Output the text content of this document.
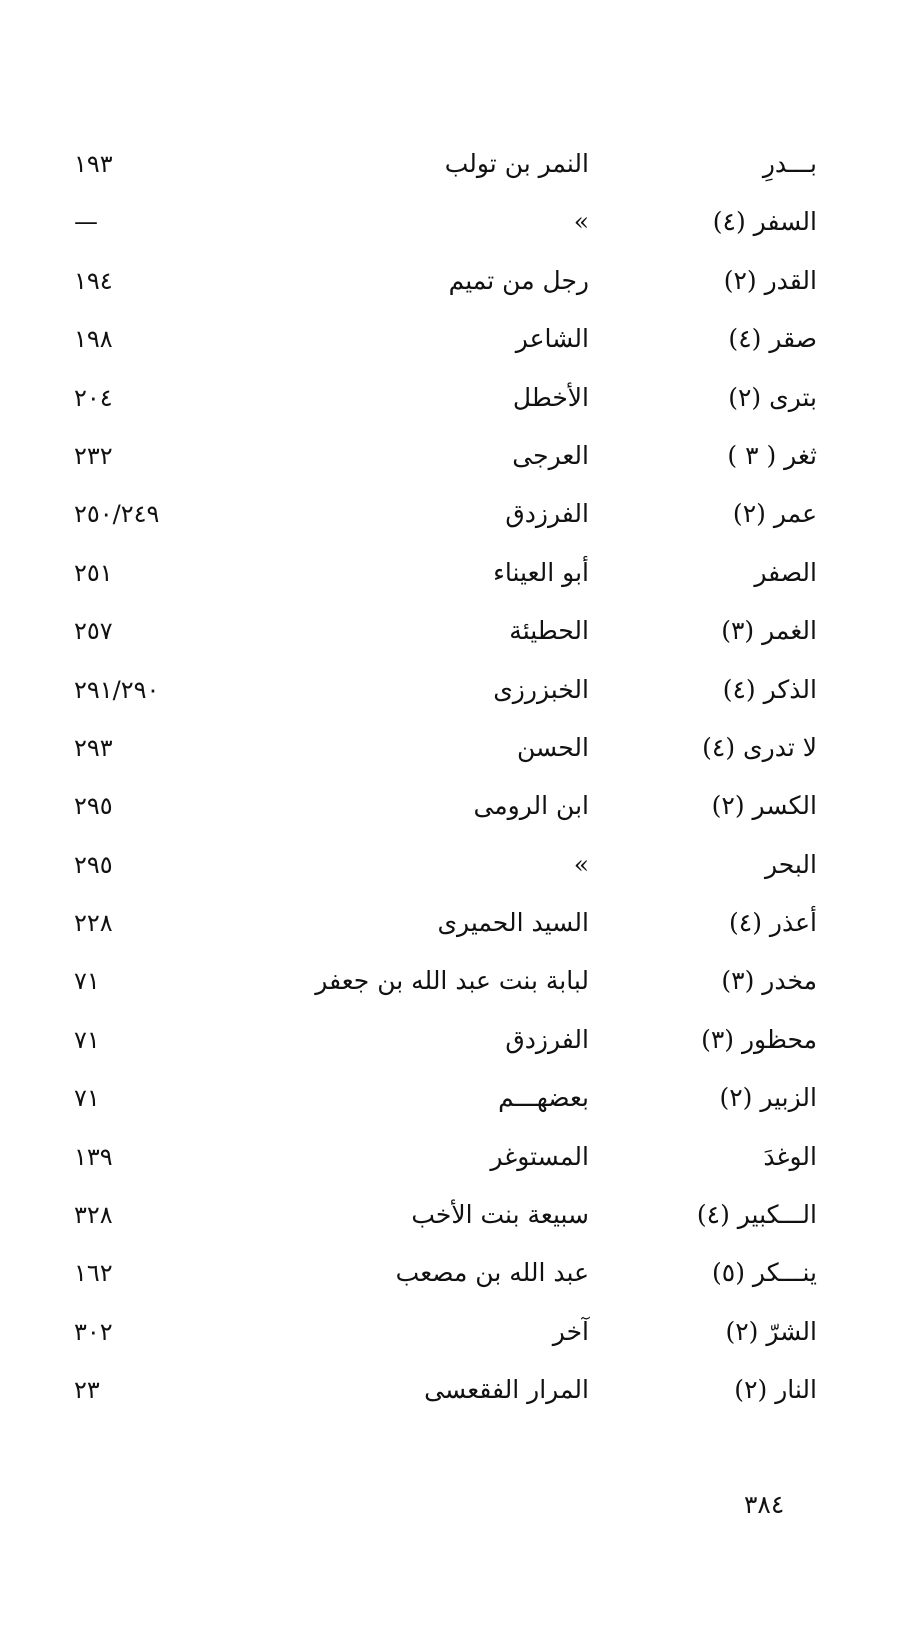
بـــدرِ
النمر بن تولب
١٩٣
السفر (٤)
»
—
القدر (٢)
رجل من تميم
١٩٤
صقر (٤)
الشاعر
١٩٨
بترى (٢)
الأخطل
٢٠٤
ثغر ( ٣ )
العرجى
٢٣٢
عمر (٢)
الفرزدق
٢٥٠/٢٤٩
الصفر
أبو العيناء
٢٥١
الغمر (٣)
الحطيئة
٢٥٧
الذكر (٤)
الخبزرزى
٢٩١/٢٩٠
لا تدرى (٤)
الحسن
٢٩٣
الكسر (٢)
ابن الرومى
٢٩٥
البحر
»
٢٩٥
أعذر (٤)
السيد الحميرى
٢٢٨
مخدر (٣)
لبابة بنت عبد الله بن جعفر
٧١
محظور (٣)
الفرزدق
٧١
الزبير (٢)
بعضهـــم
٧١
الوغدَ
المستوغر
١٣٩
الـــكبير (٤)
سبيعة بنت الأخب
٣٢٨
ينـــكر (٥)
عبد الله بن مصعب
١٦٢
الشرّ (٢)
آخر
٣٠٢
النار (٢)
المرار الفقعسى
٢٣
٣٨٤
